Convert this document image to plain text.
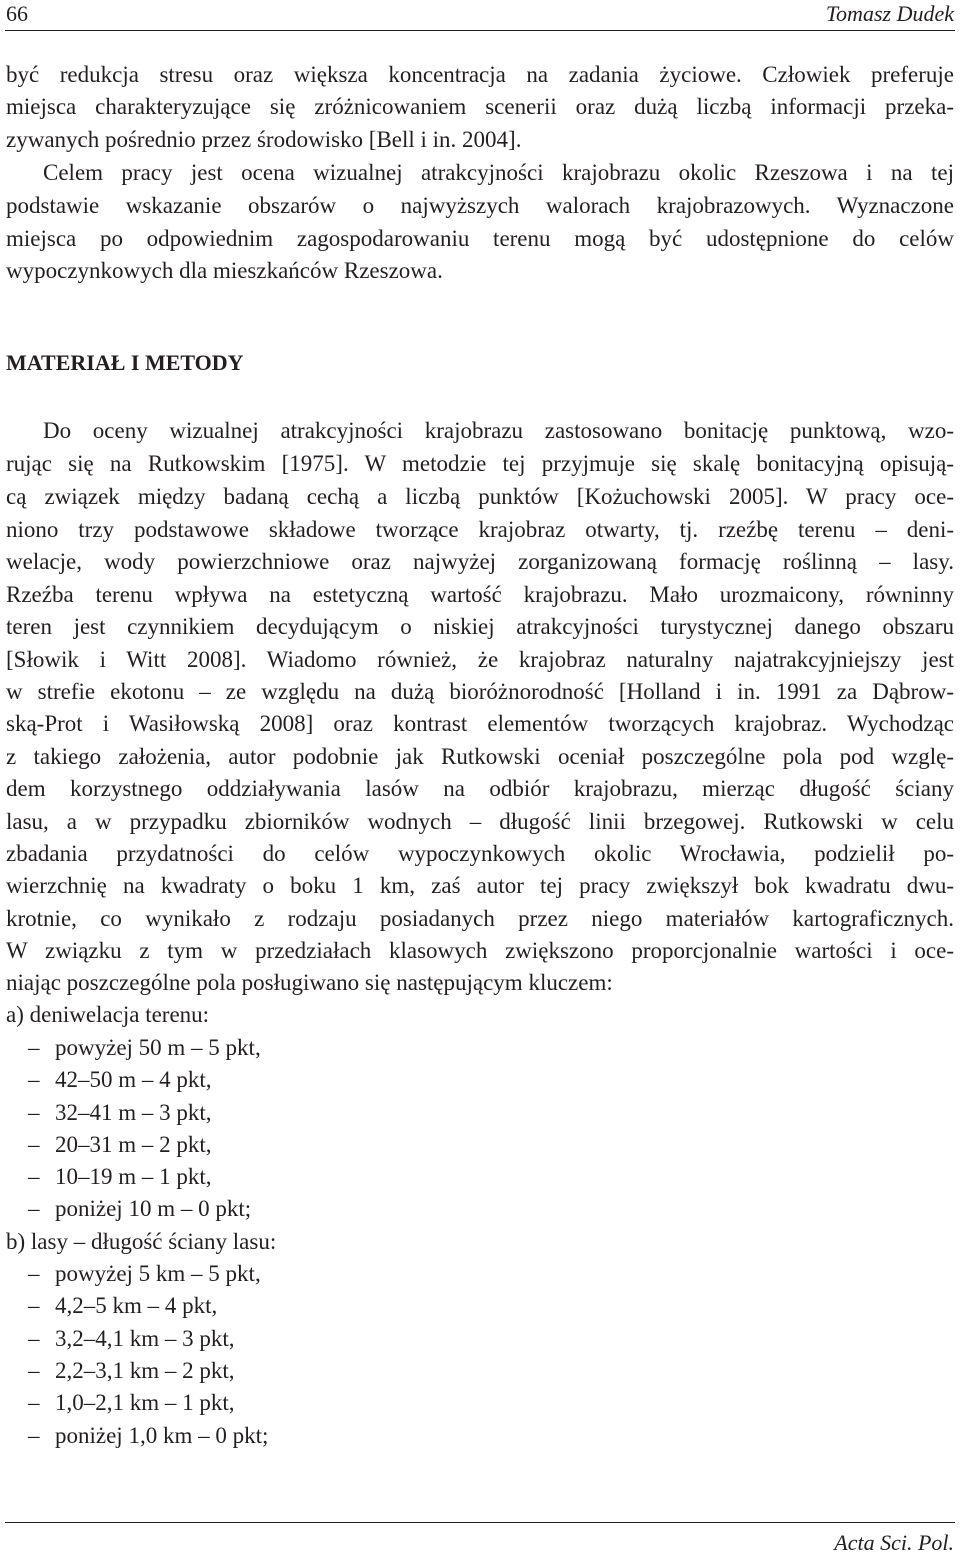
66	Tomasz Dudek
być redukcja stresu oraz większa koncentracja na zadania życiowe. Człowiek preferuje
miejsca charakteryzujące się zróżnicowaniem scenerii oraz dużą liczbą informacji przeka-
zywanych pośrednio przez środowisko [Bell i in. 2004].
Celem pracy jest ocena wizualnej atrakcyjności krajobrazu okolic Rzeszowa i na tej
podstawie wskazanie obszarów o najwyższych walorach krajobrazowych. Wyznaczone
miejsca po odpowiednim zagospodarowaniu terenu mogą być udostępnione do celów
wypoczynkowych dla mieszkańców Rzeszowa.
MATERIAŁ I METODY
Do oceny wizualnej atrakcyjności krajobrazu zastosowano bonitację punktową, wzo-
rując się na Rutkowskim [1975]. W metodzie tej przyjmuje się skalę bonitacyjną opisują-
cą związek między badaną cechą a liczbą punktów [Kożuchowski 2005]. W pracy oce-
niono trzy podstawowe składowe tworzące krajobraz otwarty, tj. rzeźbę terenu – deni-
welacje, wody powierzchniowe oraz najwyżej zorganizowaną formację roślinną – lasy.
Rzeźba terenu wpływa na estetyczną wartość krajobrazu. Mało urozmaicony, równinny
teren jest czynnikiem decydującym o niskiej atrakcyjności turystycznej danego obszaru
[Słowik i Witt 2008]. Wiadomo również, że krajobraz naturalny najatrakcyjniejszy jest
w strefie ekotonu – ze względu na dużą bioróżnorodność [Holland i in. 1991 za Dąbrow-
ską-Prot i Wasiłowską 2008] oraz kontrast elementów tworzących krajobraz. Wychodząc
z takiego założenia, autor podobnie jak Rutkowski oceniał poszczególne pola pod wzglę-
dem korzystnego oddziaływania lasów na odbiór krajobrazu, mierząc długość ściany
lasu, a w przypadku zbiorników wodnych – długość linii brzegowej. Rutkowski w celu
zbadania przydatności do celów wypoczynkowych okolic Wrocławia, podzielił po-
wierzchnię na kwadraty o boku 1 km, zaś autor tej pracy zwiększył bok kwadratu dwu-
krotnie, co wynikało z rodzaju posiadanych przez niego materiałów kartograficznych.
W związku z tym w przedziałach klasowych zwiększono proporcjonalnie wartości i oce-
niając poszczególne pola posługiwano się następującym kluczem:
a) deniwelacja terenu:
– powyżej 50 m – 5 pkt,
– 42–50 m – 4 pkt,
– 32–41 m – 3 pkt,
– 20–31 m – 2 pkt,
– 10–19 m – 1 pkt,
– poniżej 10 m – 0 pkt;
b) lasy – długość ściany lasu:
– powyżej 5 km – 5 pkt,
– 4,2–5 km – 4 pkt,
– 3,2–4,1 km – 3 pkt,
– 2,2–3,1 km – 2 pkt,
– 1,0–2,1 km – 1 pkt,
– poniżej 1,0 km – 0 pkt;
Acta Sci. Pol.
